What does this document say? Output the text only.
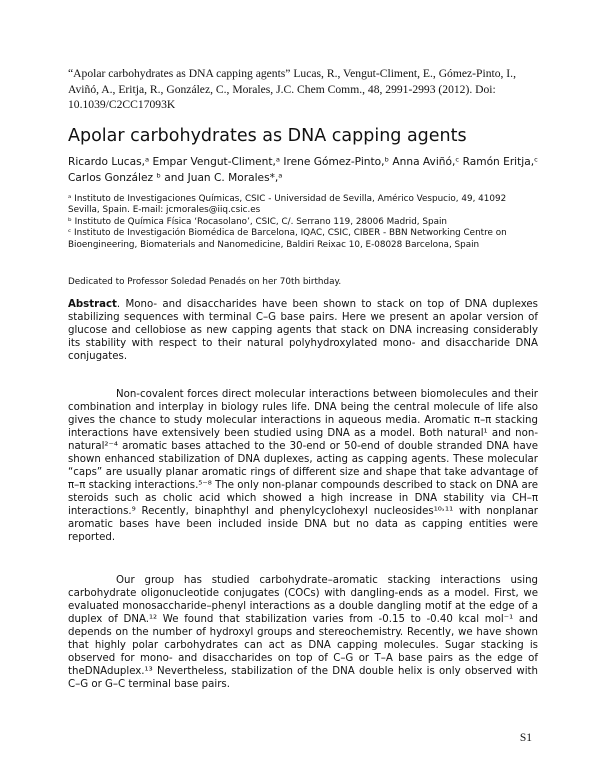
“Apolar carbohydrates as DNA capping agents” Lucas, R., Vengut-Climent, E., Gómez-Pinto, I., Aviñó, A., Eritja, R., González, C., Morales, J.C. Chem Comm., 48, 2991-2993 (2012). Doi: 10.1039/C2CC17093K
Apolar carbohydrates as DNA capping agents
Ricardo Lucas,ᵃ Empar Vengut-Climent,ᵃ Irene Gómez-Pinto,ᵇ Anna Aviñó,ᶜ Ramón Eritja,ᶜ Carlos González ᵇ and Juan C. Morales*,ᵃ

ᵃ Instituto de Investigaciones Químicas, CSIC - Universidad de Sevilla, Américo Vespucio, 49, 41092 Sevilla, Spain. E-mail: jcmorales@iiq.csic.es

ᵇ Instituto de Química Física ‘Rocasolano’, CSIC, C/. Serrano 119, 28006 Madrid, Spain

ᶜ Instituto de Investigación Biomédica de Barcelona, IQAC, CSIC, CIBER - BBN Networking Centre on Bioengineering, Biomaterials and Nanomedicine, Baldiri Reixac 10, E-08028 Barcelona, Spain

Dedicated to Professor Soledad Penadés on her 70th birthday.

Abstract. Mono- and disaccharides have been shown to stack on top of DNA duplexes stabilizing sequences with terminal C–G base pairs. Here we present an apolar version of glucose and cellobiose as new capping agents that stack on DNA increasing considerably its stability with respect to their natural polyhydroxylated mono- and disaccharide DNA conjugates.

Non-covalent forces direct molecular interactions between biomolecules and their combination and interplay in biology rules life. DNA being the central molecule of life also gives the chance to study molecular interactions in aqueous media. Aromatic π–π stacking interactions have extensively been studied using DNA as a model. Both natural¹ and non-natural²⁻⁴ aromatic bases attached to the 30-end or 50-end of double stranded DNA have shown enhanced stabilization of DNA duplexes, acting as capping agents. These molecular “caps” are usually planar aromatic rings of different size and shape that take advantage of π–π stacking interactions.⁵⁻⁸ The only non-planar compounds described to stack on DNA are steroids such as cholic acid which showed a high increase in DNA stability via CH–π interactions.⁹ Recently, binaphthyl and phenylcyclohexyl nucleosides¹⁰˒¹¹ with nonplanar aromatic bases have been included inside DNA but no data as capping entities were reported.

Our group has studied carbohydrate–aromatic stacking interactions using carbohydrate oligonucleotide conjugates (COCs) with dangling-ends as a model. First, we evaluated monosaccharide–phenyl interactions as a double dangling motif at the edge of a duplex of DNA.¹² We found that stabilization varies from -0.15 to -0.40 kcal mol⁻¹ and depends on the number of hydroxyl groups and stereochemistry. Recently, we have shown that highly polar carbohydrates can act as DNA capping molecules. Sugar stacking is observed for mono- and disaccharides on top of C–G or T–A base pairs as the edge of theDNAduplex.¹³ Nevertheless, stabilization of the DNA double helix is only observed with C–G or G–C terminal base pairs.

S1
